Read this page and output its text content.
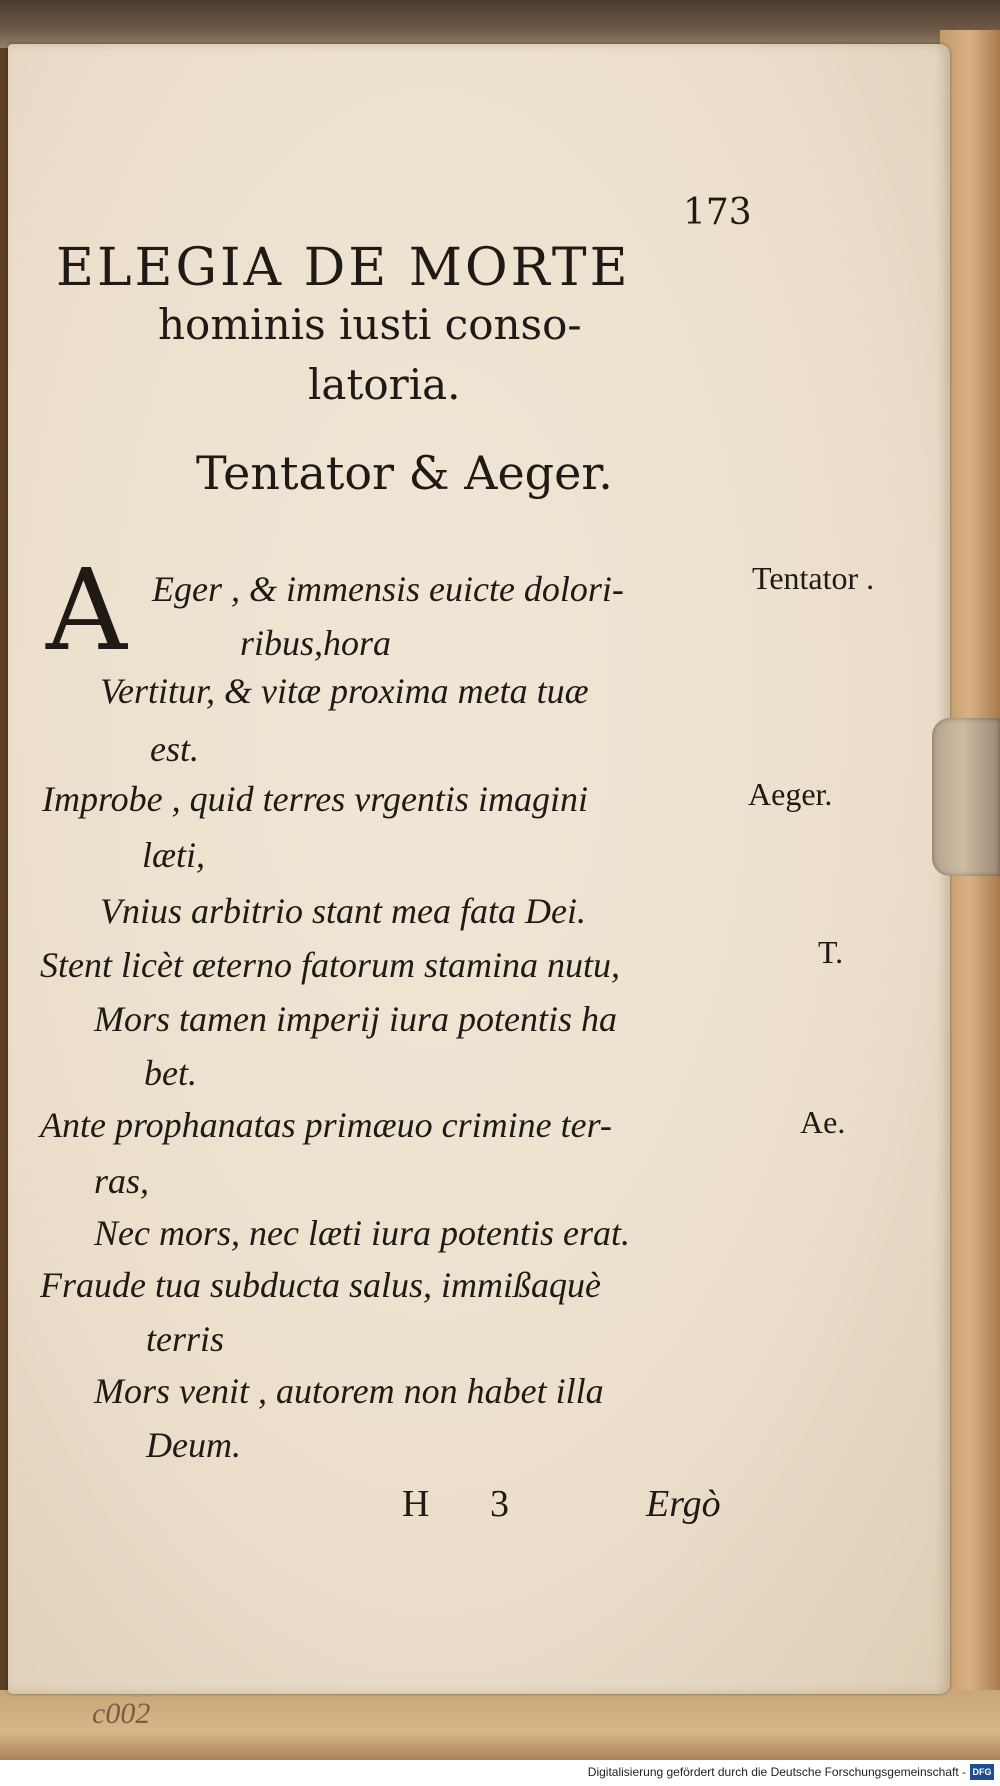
173
ELEGIA DE MORTE
hominis iusti conso-
latoria.
Tentator & Aeger.
A Eger , & immensis euicte dolori-
ribus,hora
Vertitur, & vitæ proxima meta tuæ
est.
Improbe , quid terres vrgentis imagini
læti,
Vnius arbitrio stant mea fata Dei.
Stent licèt æterno fatorum stamina nutu,
Mors tamen imperij iura potentis ha
bet.
Ante prophanatas primæuo crimine ter-
ras,
Nec mors, nec læti iura potentis erat.
Fraude tua subducta salus, immißaquè
terris
Mors venit , autorem non habet illa
Deum.
Tentator .
Aeger.
T.
Ae.
H 3	Ergò
c002
Digitalisierung gefördert durch die Deutsche Forschungsgemeinschaft - DFG
